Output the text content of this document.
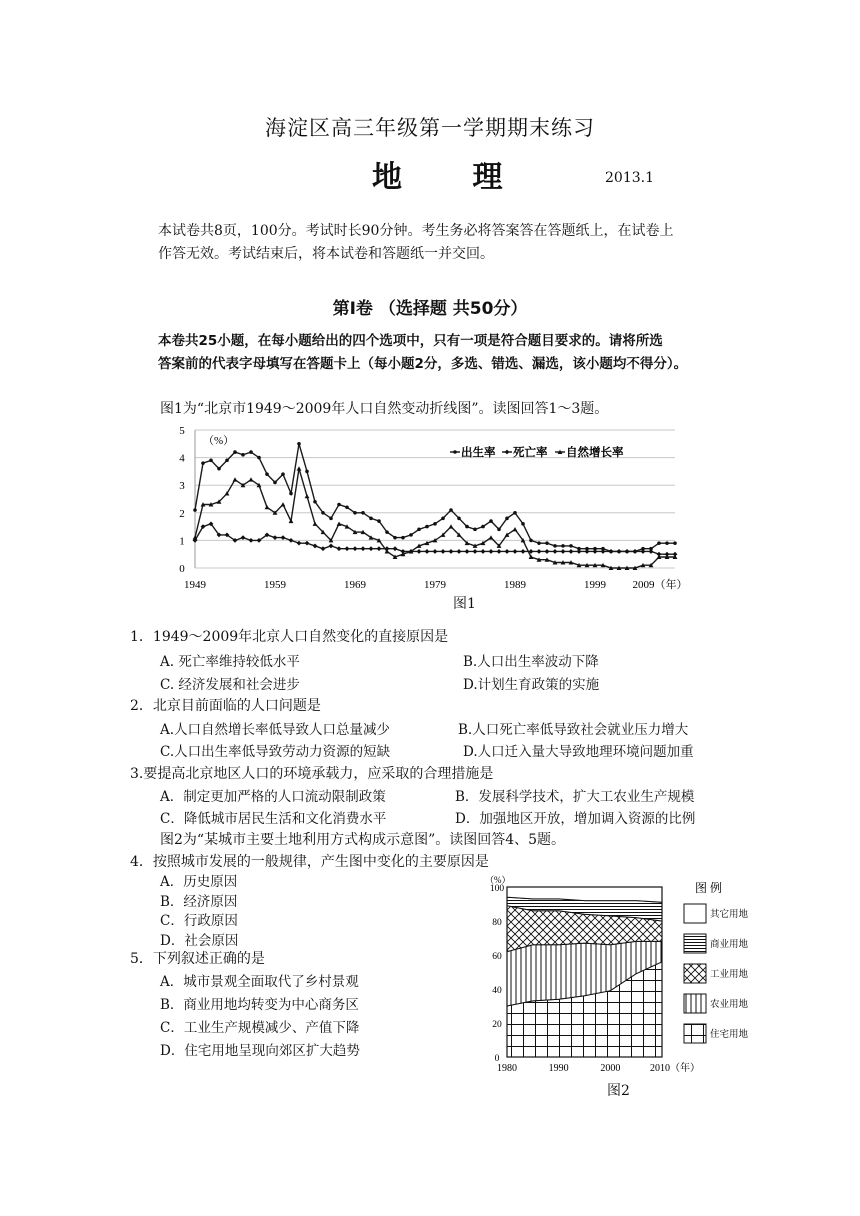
海淀区高三年级第一学期期末练习
地 理	2013.1

本试卷共8页，100分。考试时长90分钟。考生务必将答案答在答题纸上，在试卷上

作答无效。考试结束后，将本试卷和答题纸一并交回。
第Ⅰ卷 （选择题 共50分）

本卷共25小题，在每小题给出的四个选项中，只有一项是符合题目要求的。请将所选

答案前的代表字母填写在答题卡上（每小题2分，多选、错选、漏选，该小题均不得分）。
图1为“北京市1949～2009年人口自然变动折线图”。读图回答1～3题。
0
1
2
3
4
5
1949	1959	1969	1979	1989	1999
（%）
2009（年）
出生率 死亡率 自然增长率
图1
1．1949～2009年北京人口自然变化的直接原因是
A. 死亡率维持较低水平	B.人口出生率波动下降
C. 经济发展和社会进步	D.计划生育政策的实施
2．北京目前面临的人口问题是
A.人口自然增长率低导致人口总量减少	B.人口死亡率低导致社会就业压力增大
C.人口出生率低导致劳动力资源的短缺	D.人口迁入量大导致地理环境问题加重
3.要提高北京地区人口的环境承载力，应采取的合理措施是
A．制定更加严格的人口流动限制政策	B．发展科学技术，扩大工农业生产规模
C．降低城市居民生活和文化消费水平	D．加强地区开放，增加调入资源的比例
图2为“某城市主要土地利用方式构成示意图”。读图回答4、5题。
4．按照城市发展的一般规律，产生图中变化的主要原因是
A．历史原因
B．经济原因
C．行政原因
D．社会原因
5．下列叙述正确的是
A．城市景观全面取代了乡村景观
B．商业用地均转变为中心商务区
C．工业生产规模减少、产值下降
D．住宅用地呈现向郊区扩大趋势	0
20
40
60
80
100
1980	1990	2000
（%）
2010（年）
图 例
其它用地
商业用地
工业用地
农业用地
住宅用地
图2
